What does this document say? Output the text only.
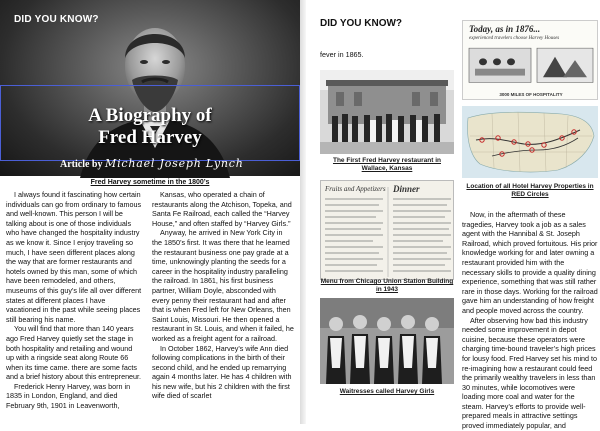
DID YOU KNOW?
A Biography of
Fred Harvey
Article by Michael Joseph Lynch
Fred Harvey sometime in the 1800’s

I always found it fascinating how certain individuals can go from ordinary to famous and well-known. This person I will be talking about is one of those individuals who have changed the hospitality industry as we know it. Since I enjoy traveling so much, I have seen different places along the way that are former restaurants and hotels owned by this man, some of which have been remodeled, and others, museums of this guy’s life all over different states at different places I have vacationed in the past while seeing places still bearing his name.

You will find that more than 140 years ago Fred Harvey quietly set the stage in both hospitality and retailing and wound up with a ringside seat along Route 66 when its time came. there are some facts and a brief history about this entrepreneur.

Frederick Henry Harvey, was born in 1835 in London, England, and died February 9th, 1901 in Leavenworth,

Kansas, who operated a chain of restaurants along the Atchison, Topeka, and Santa Fe Railroad, each called the “Harvey House,” and often staffed by “Harvey Girls.”

Anyway, he arrived in New York City in the 1850’s first. It was there that he learned the restaurant business one pay grade at a time, unknowingly planting the seeds for a career in the hospitality industry paralleling the railroad. In 1861, his first business partner, William Doyle, absconded with every penny their restaurant had and after that is when Fred left for New Orleans, then Saint Louis, Missouri. He then opened a restaurant in St. Louis, and when it failed, he worked as a freight agent for a railroad.

In October 1862, Harvey’s wife Ann died following complications in the birth of their second child, and he ended up remarrying again 4 months later. He has 4 children with his new wife, but his 2 children with the first wife died of scarlet

DID YOU KNOW?
fever in 1865.
The First Fred Harvey restaurant in Wallace, Kansas
Fruits and Appetizers Dinner
Menu from Chicago Union Station Building in 1943
Waitresses called Harvey Girls
Today, as in 1876...
experienced travelers choose Harvey Houses
3000 MILES OF HOSPITALITY
Location of all Hotel Harvey Properties in RED Circles

Now, in the aftermath of these tragedies, Harvey took a job as a sales agent with the Hannibal & St. Joseph Railroad, which proved fortuitous. His prior knowledge working for and later owning a restaurant provided him with the necessary skills to provide a quality dining experience, something that was still rather rare in those days. Working for the railroad gave him an understanding of how freight and people moved across the country.

After observing how bad this industry needed some improvement in depot cuisine, because these operators were charging time-bound traveler’s high prices for lousy food. Fred Harvey set his mind to re-imagining how a restaurant could feed the primarily wealthy travelers in less than 30 minutes, while locomotives were loading more coal and water for the steam. Harvey’s efforts to provide well-prepared meals in attractive settings proved immediately popular, and
